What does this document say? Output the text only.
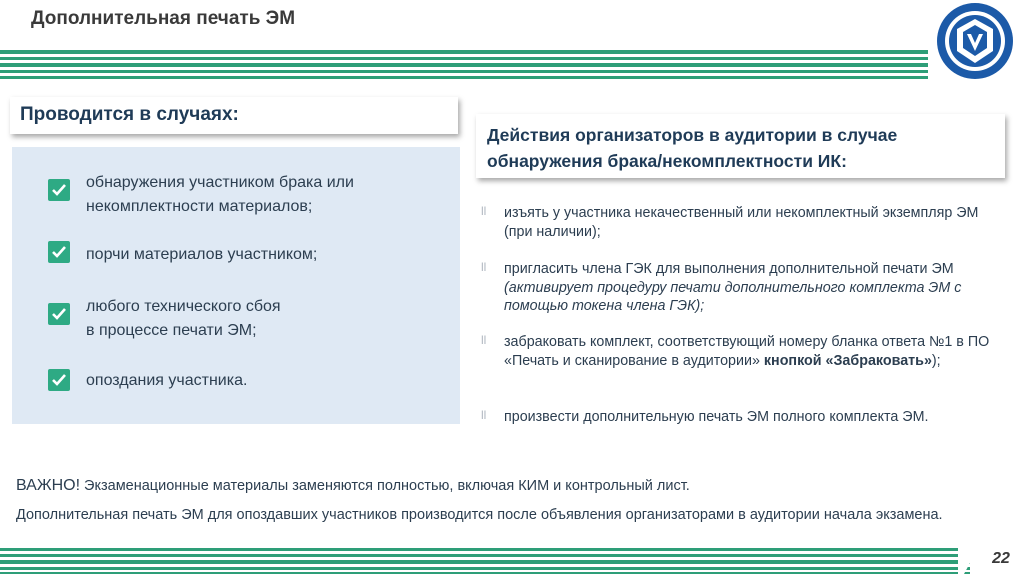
Дополнительная печать ЭМ
Проводится в случаях:
обнаружения участником брака или
некомплектности материалов;
порчи материалов участником;
любого технического сбоя
в процессе печати ЭМ;
опоздания участника.
Действия организаторов в аудитории в случае обнаружения брака/некомплектности ИК:
ll изъять у участника некачественный или некомплектный экземпляр ЭМ (при наличии);
ll пригласить члена ГЭК для выполнения дополнительной печати ЭМ (активирует процедуру печати дополнительного комплекта ЭМ с помощью токена члена ГЭК);
ll забраковать комплект, соответствующий номеру бланка ответа №1 в ПО «Печать и сканирование в аудитории» кнопкой «Забраковать»);
ll произвести дополнительную печать ЭМ полного комплекта ЭМ.
ВАЖНО! Экзаменационные материалы заменяются полностью, включая КИМ и контрольный лист.
Дополнительная печать ЭМ для опоздавших участников производится после объявления организаторами в аудитории начала экзамена.
22
